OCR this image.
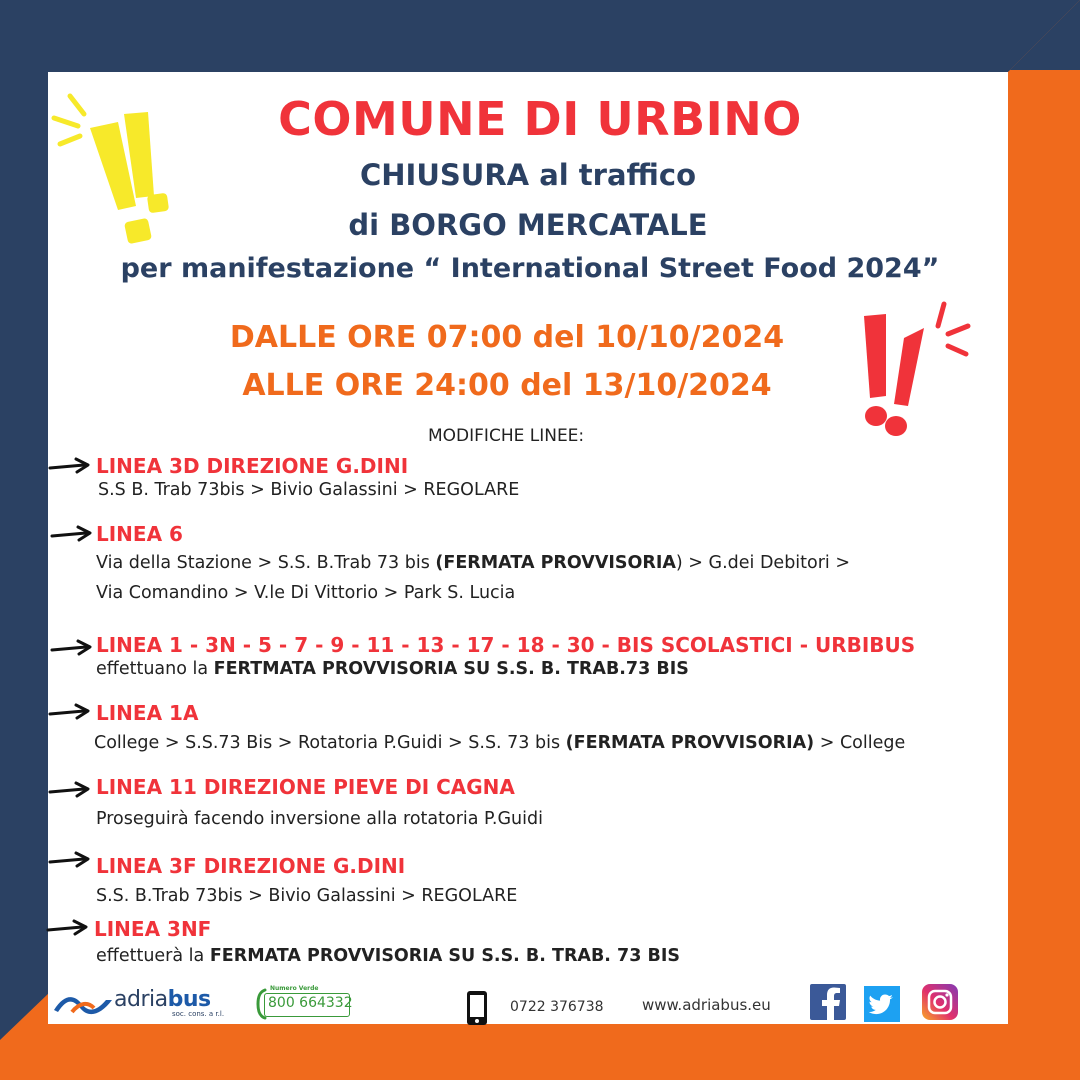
COMUNE DI URBINO
CHIUSURA al traffico
di BORGO MERCATALE
per manifestazione “ International Street Food 2024”
DALLE ORE 07:00 del 10/10/2024
ALLE ORE 24:00 del 13/10/2024
MODIFICHE LINEE:
LINEA 3D DIREZIONE G.DINI
S.S B. Trab 73bis > Bivio Galassini > REGOLARE
LINEA 6
Via della Stazione > S.S. B.Trab 73 bis (FERMATA PROVVISORIA) > G.dei Debitori >
Via Comandino > V.le Di Vittorio > Park S. Lucia
LINEA 1 - 3N - 5 - 7 - 9 - 11 - 13 - 17 - 18 - 30 - BIS SCOLASTICI - URBIBUS
effettuano la FERTMATA PROVVISORIA SU S.S. B. TRAB.73 BIS
LINEA 1A
College > S.S.73 Bis > Rotatoria P.Guidi > S.S. 73 bis (FERMATA PROVVISORIA) > College
LINEA 11 DIREZIONE PIEVE DI CAGNA
Proseguirà facendo inversione alla rotatoria P.Guidi
LINEA 3F DIREZIONE G.DINI
S.S. B.Trab 73bis > Bivio Galassini > REGOLARE
LINEA 3NF
effettuerà la FERMATA PROVVISORIA SU S.S. B. TRAB. 73 BIS
adriabus
soc. cons. a r.l.
Numero Verde
800 664332	0722 376738	www.adriabus.eu
